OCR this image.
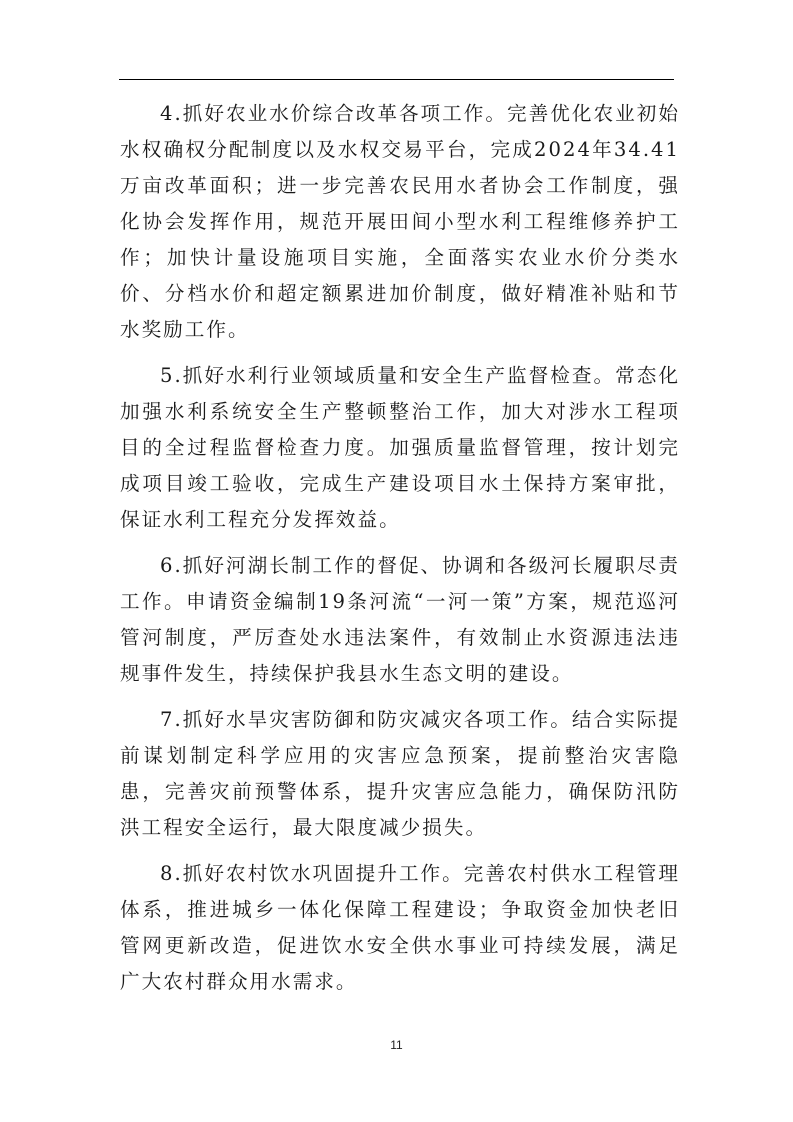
4.抓好农业水价综合改革各项工作。完善优化农业初始水权确权分配制度以及水权交易平台，完成2024年34.41万亩改革面积；进一步完善农民用水者协会工作制度，强化协会发挥作用，规范开展田间小型水利工程维修养护工作；加快计量设施项目实施，全面落实农业水价分类水价、分档水价和超定额累进加价制度，做好精准补贴和节水奖励工作。

5.抓好水利行业领域质量和安全生产监督检查。常态化加强水利系统安全生产整顿整治工作，加大对涉水工程项目的全过程监督检查力度。加强质量监督管理，按计划完成项目竣工验收，完成生产建设项目水土保持方案审批，保证水利工程充分发挥效益。

6.抓好河湖长制工作的督促、协调和各级河长履职尽责工作。申请资金编制19条河流“一河一策”方案，规范巡河管河制度，严厉查处水违法案件，有效制止水资源违法违规事件发生，持续保护我县水生态文明的建设。

7.抓好水旱灾害防御和防灾减灾各项工作。结合实际提前谋划制定科学应用的灾害应急预案，提前整治灾害隐患，完善灾前预警体系，提升灾害应急能力，确保防汛防洪工程安全运行，最大限度减少损失。

8.抓好农村饮水巩固提升工作。完善农村供水工程管理体系，推进城乡一体化保障工程建设；争取资金加快老旧管网更新改造，促进饮水安全供水事业可持续发展，满足广大农村群众用水需求。

11
